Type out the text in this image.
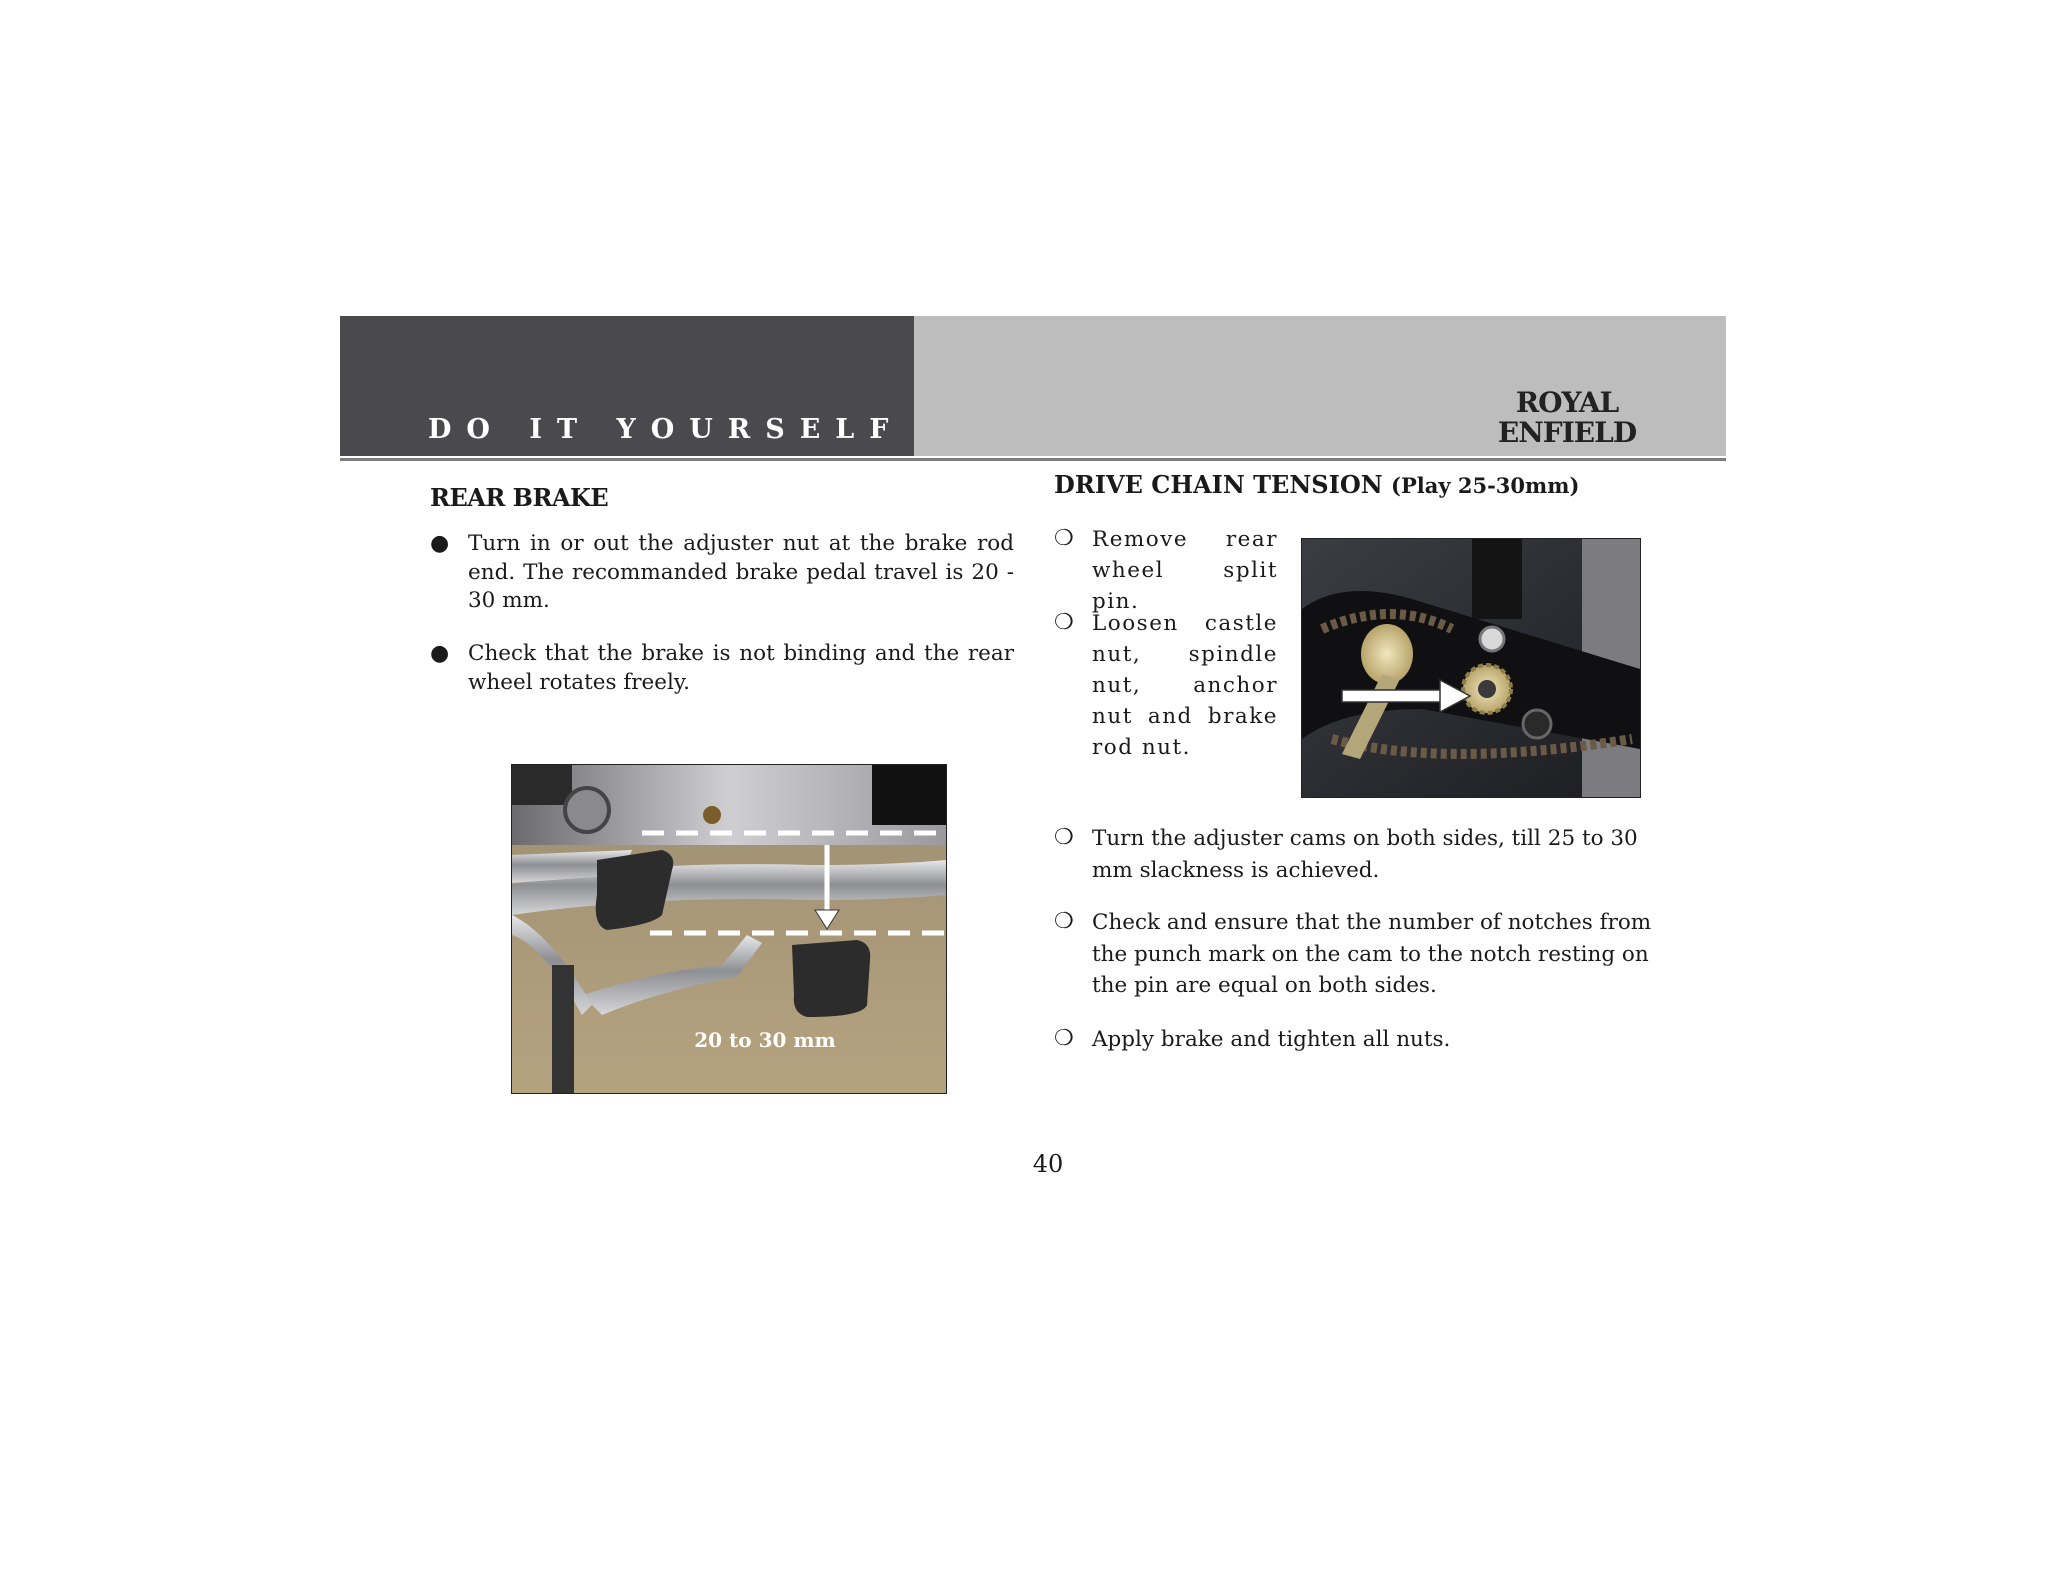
DO IT YOURSELF
ROYAL
ENFIELD
REAR BRAKE
● Turn in or out the adjuster nut at the brake rod end. The recommanded brake pedal travel is 20 - 30 mm.
● Check that the brake is not binding and the rear wheel rotates freely.
20 to 30 mm
DRIVE CHAIN TENSION (Play 25-30mm)
❍ Remove rear wheel split pin.
❍ Loosen castle nut, spindle nut, anchor nut and brake rod nut.
❍ Turn the adjuster cams on both sides, till 25 to 30 mm slackness is achieved.
❍ Check and ensure that the number of notches from the punch mark on the cam to the notch resting on the pin are equal on both sides.
❍ Apply brake and tighten all nuts.
40
